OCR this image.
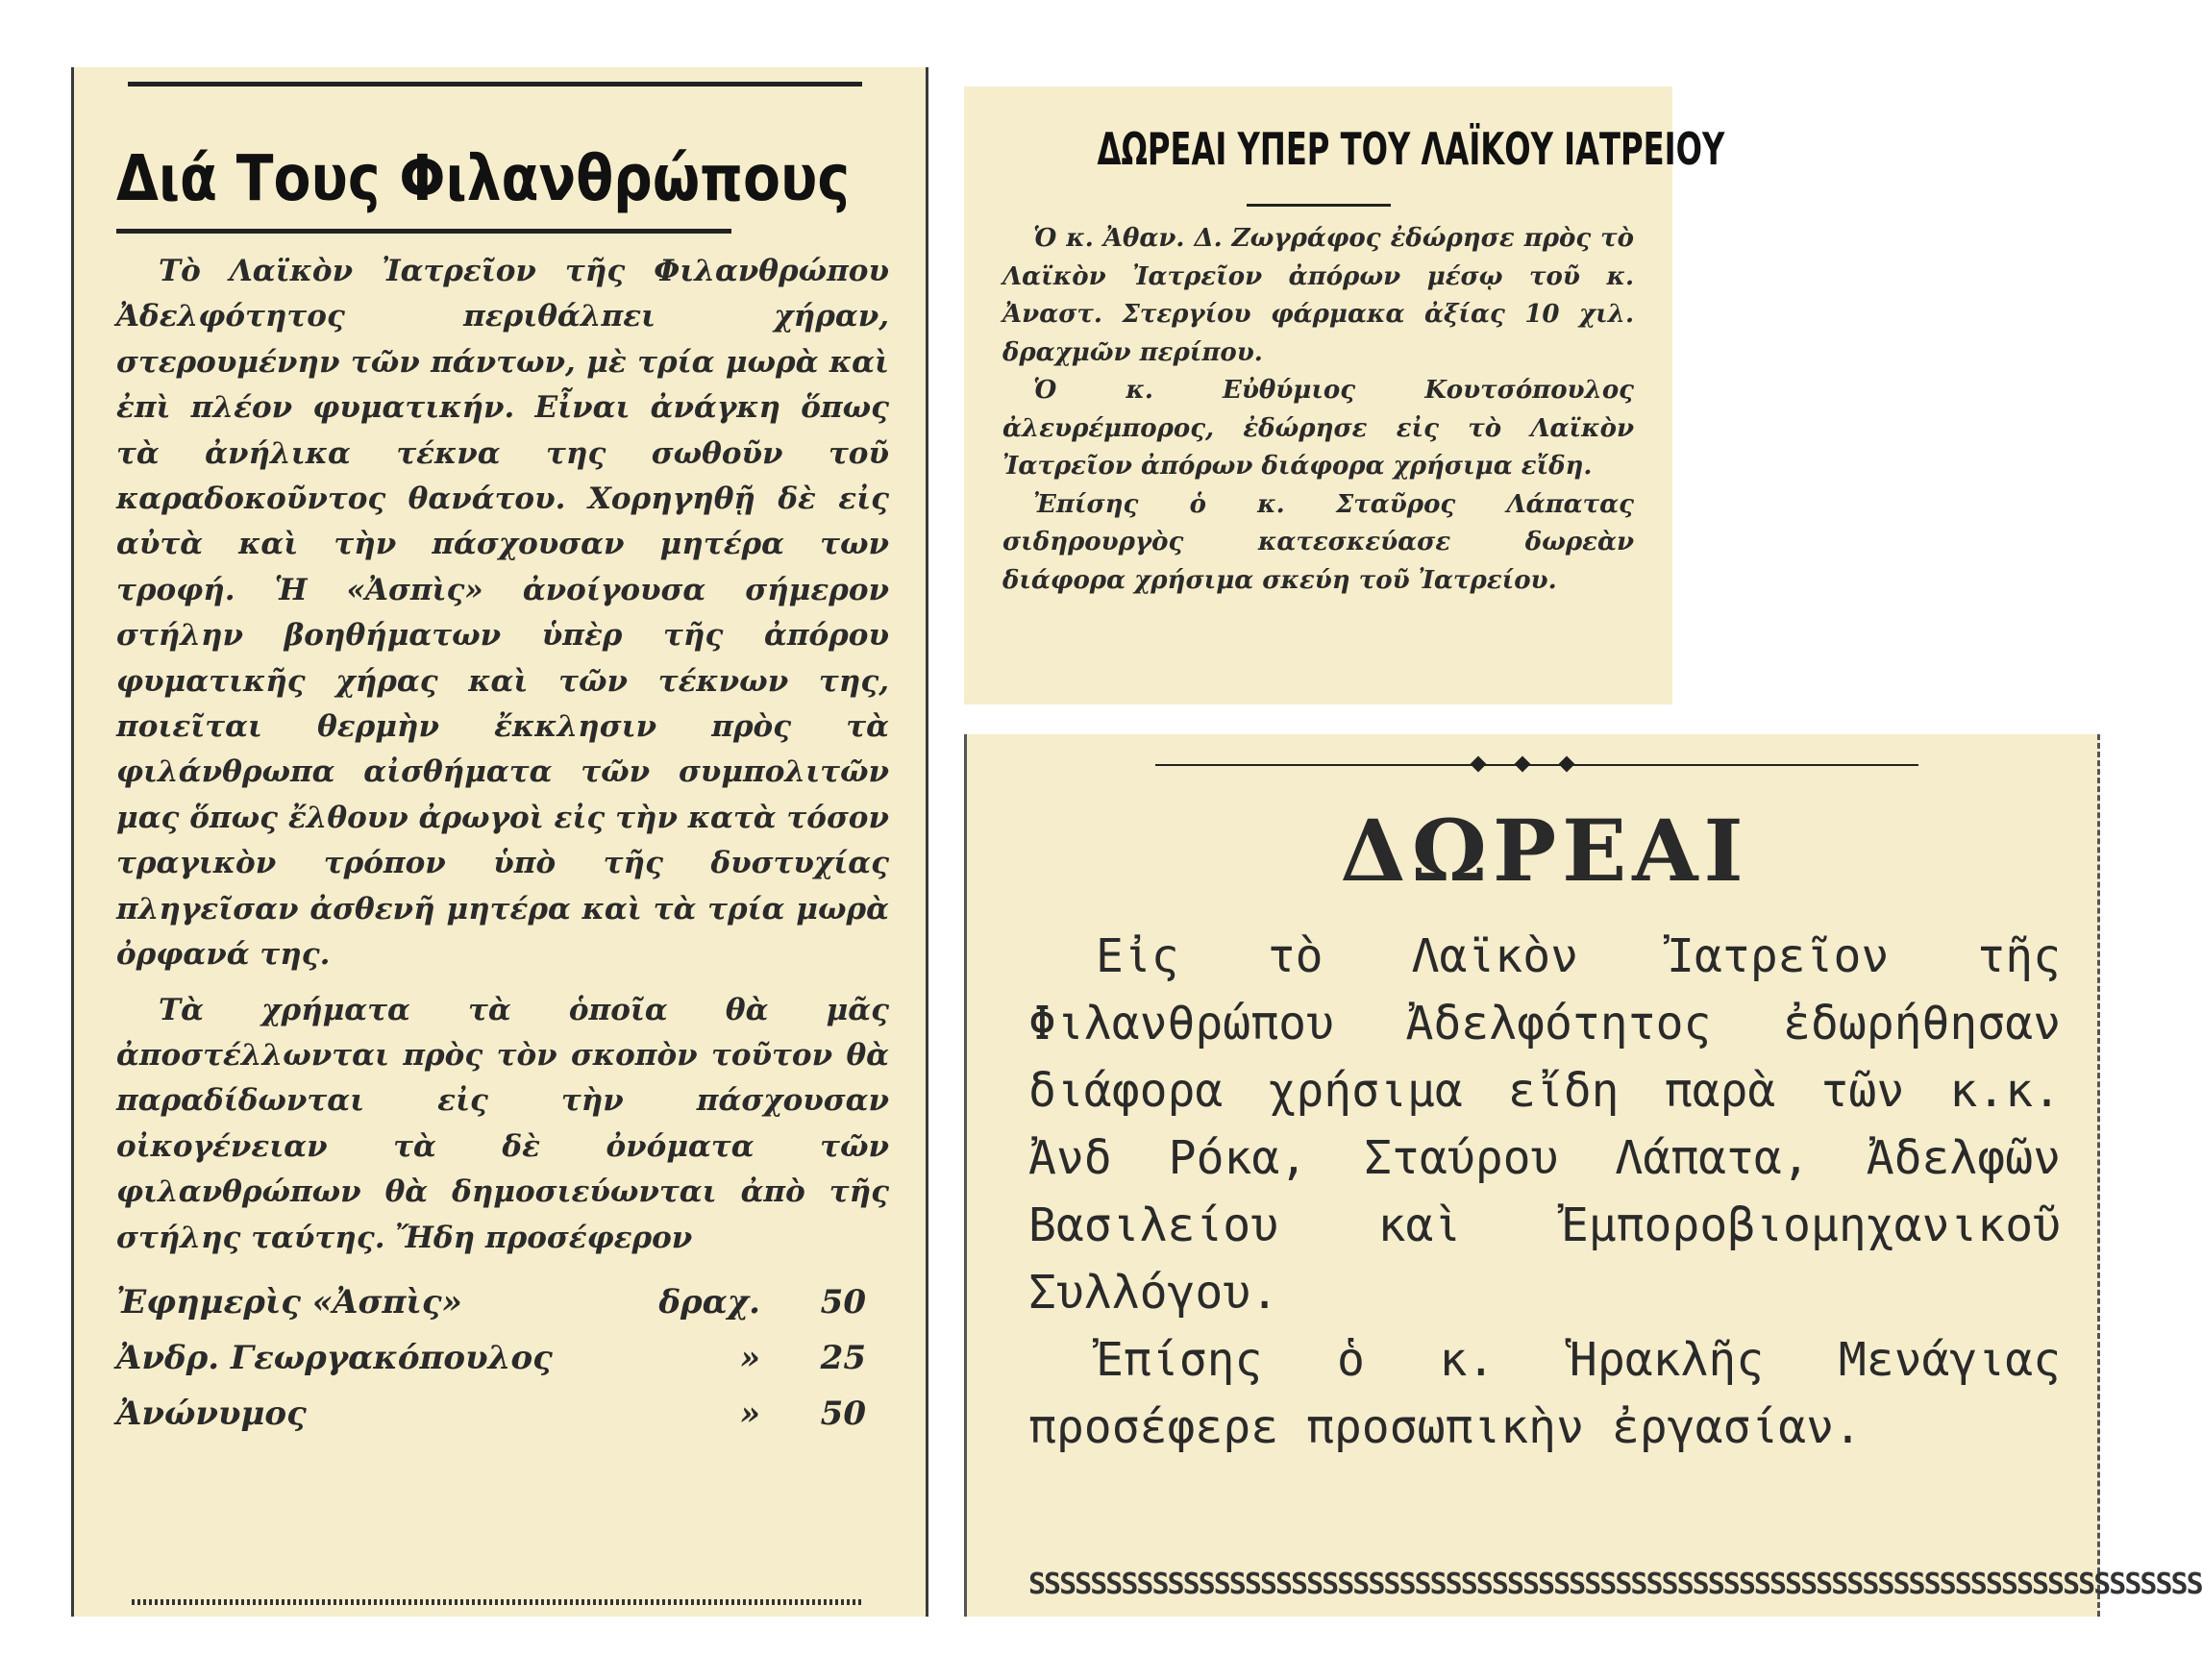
Διά Τους Φιλανθρώπους

Τὸ Λαϊκὸν Ἰατρεῖον τῆς Φιλανθρώπου Ἀδελφότητος περιθάλπει χήραν, στερουμένην τῶν πάντων, μὲ τρία μωρὰ καὶ ἐπὶ πλέον φυματικήν. Εἶναι ἀνάγκη ὅπως τὰ ἀνήλικα τέκνα της σωθοῦν τοῦ καραδοκοῦντος θανάτου. Χορηγηθῇ δὲ εἰς αὐτὰ καὶ τὴν πάσχουσαν μητέρα των τροφή. Ἡ «Ἀσπὶς» ἀνοίγουσα σήμερον στήλην βοηθήματων ὑπὲρ τῆς ἀπόρου φυματικῆς χήρας καὶ τῶν τέκνων της, ποιεῖται θερμὴν ἔκκλησιν πρὸς τὰ φιλάνθρωπα αἰσθήματα τῶν συμπολιτῶν μας ὅπως ἔλθουν ἀρωγοὶ εἰς τὴν κατὰ τόσον τραγικὸν τρόπον ὑπὸ τῆς δυστυχίας πληγεῖσαν ἀσθενῆ μητέρα καὶ τὰ τρία μωρὰ ὀρφανά της.

Τὰ χρήματα τὰ ὁποῖα θὰ μᾶς ἀποστέλλωνται πρὸς τὸν σκοπὸν τοῦτον θὰ παραδίδωνται εἰς τὴν πάσχουσαν οἰκογένειαν τὰ δὲ ὀνόματα τῶν φιλανθρώπων θὰ δημοσιεύωνται ἀπὸ τῆς στήλης ταύτης. Ἤδη προσέφερον

Ἐφημερὶς «Ἀσπὶς»	δραχ.	50
Ἀνδρ. Γεωργακόπουλος	»	25
Ἀνώνυμος	»	50
ΔΩΡΕΑΙ ΥΠΕΡ ΤΟΥ ΛΑΪΚΟΥ ΙΑΤΡΕΙΟΥ

Ὁ κ. Ἀθαν. Δ. Ζωγράφος ἐδώρησε πρὸς τὸ Λαϊκὸν Ἰατρεῖον ἀπόρων μέσῳ τοῦ κ. Ἀναστ. Στεργίου φάρμακα ἀξίας 10 χιλ. δραχμῶν περίπου.

Ὁ κ. Εὐθύμιος Κουτσόπουλος ἀλευρέμπορος, ἐδώρησε εἰς τὸ Λαϊκὸν Ἰατρεῖον ἀπόρων διάφορα χρήσιμα εἴδη.

Ἐπίσης ὁ κ. Σταῦρος Λάπατας σιδηρουργὸς κατεσκεύασε δωρεὰν διάφορα χρήσιμα σκεύη τοῦ Ἰατρείου.

ΔΩΡΕΑΙ

Εἰς τὸ Λαϊκὸν Ἰατρεῖον τῆς Φιλανθρώπου Ἀδελφότητος ἐδωρήθησαν διάφορα χρήσιμα εἴδη παρὰ τῶν κ.κ. Ἀνδ Ρόκα, Σταύρου Λάπατα, Ἀδελφῶν Βασιλείου καὶ Ἐμποροβιομηχανικοῦ Συλλόγου.

Ἐπίσης ὁ κ. Ἡρακλῆς Μενάγιας προσέφερε προσωπικὴν ἐργασίαν.

SSSSSSSSSSSSSSSSSSSSSSSSSSSSSSSSSSSSSSSSSSSSSSSSSSSSSSSSSSSSSSSSSSSSSSSSSSSS
